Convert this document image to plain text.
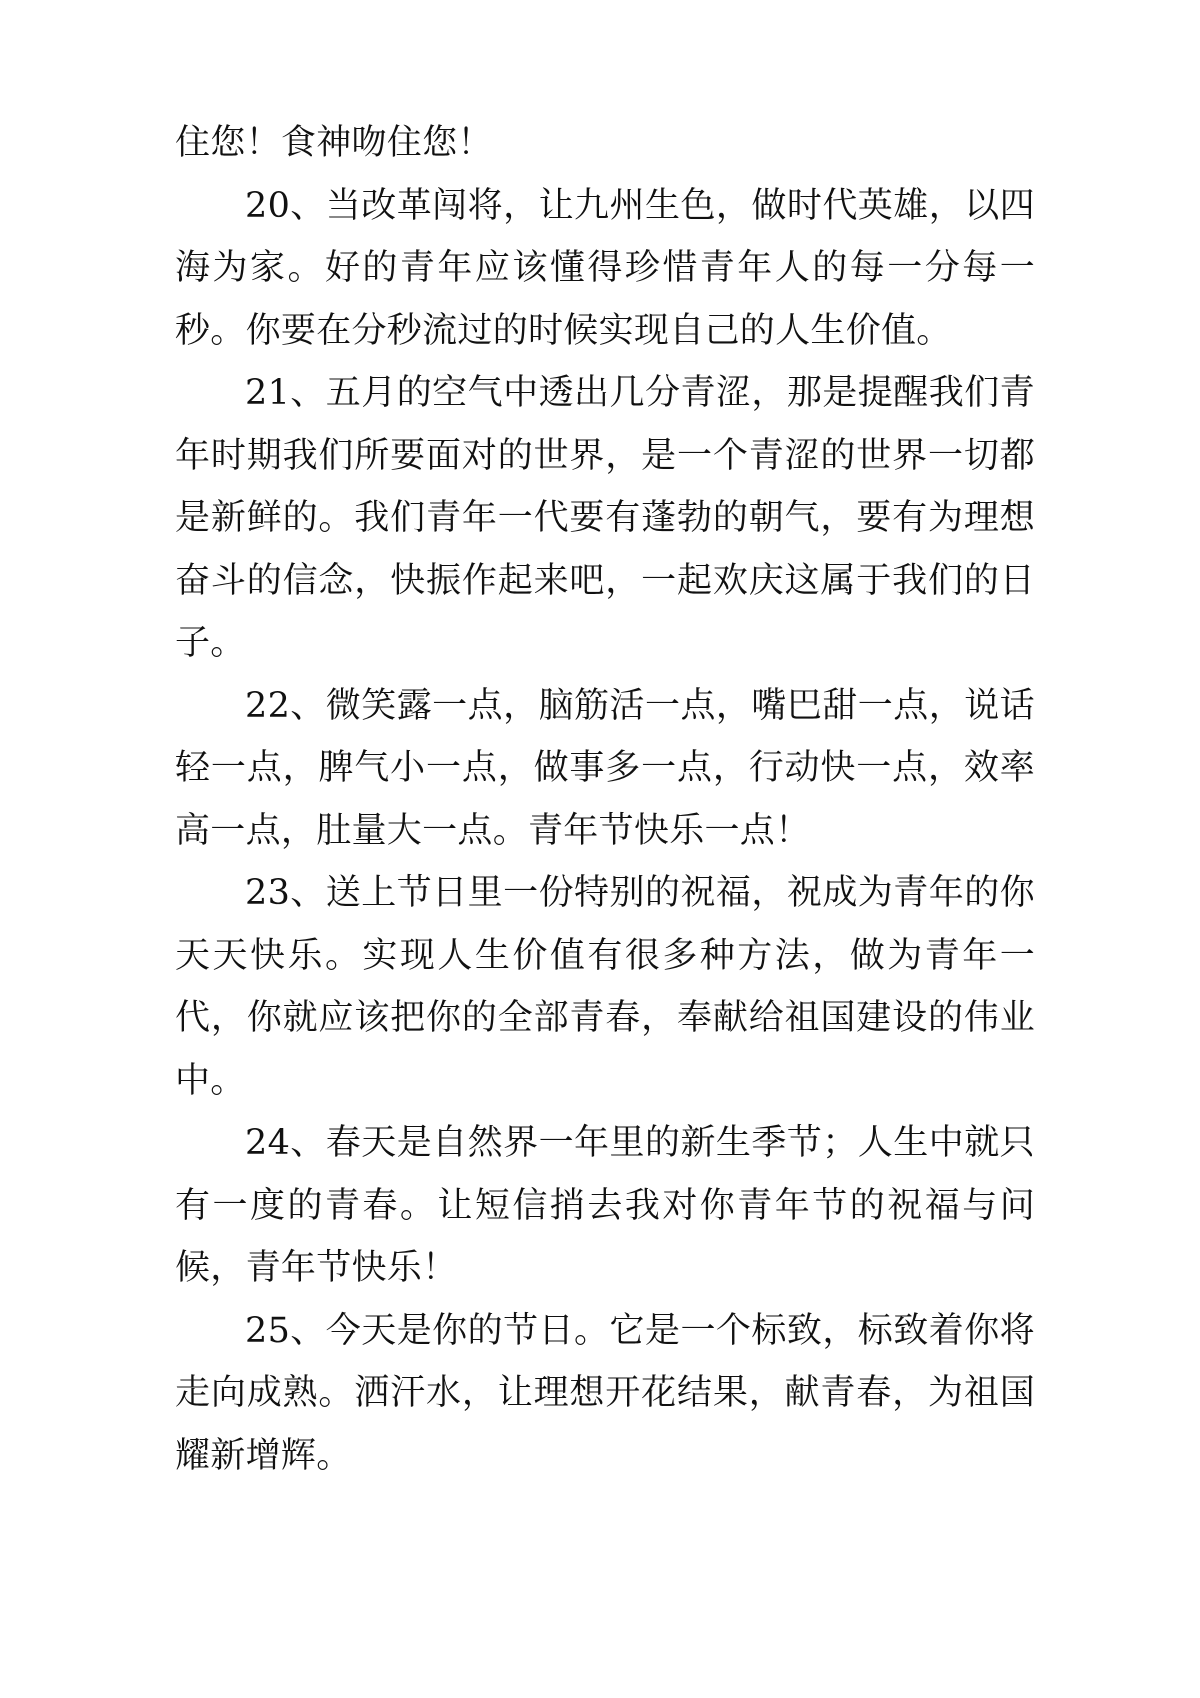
住您！食神吻住您！

20、当改革闯将，让九州生色，做时代英雄，以四海为家。好的青年应该懂得珍惜青年人的每一分每一秒。你要在分秒流过的时候实现自己的人生价值。

21、五月的空气中透出几分青涩，那是提醒我们青年时期我们所要面对的世界，是一个青涩的世界一切都是新鲜的。我们青年一代要有蓬勃的朝气，要有为理想奋斗的信念，快振作起来吧，一起欢庆这属于我们的日子。

22、微笑露一点，脑筋活一点，嘴巴甜一点，说话轻一点，脾气小一点，做事多一点，行动快一点，效率高一点，肚量大一点。青年节快乐一点！

23、送上节日里一份特别的祝福，祝成为青年的你天天快乐。实现人生价值有很多种方法，做为青年一代，你就应该把你的全部青春，奉献给祖国建设的伟业中。

24、春天是自然界一年里的新生季节；人生中就只有一度的青春。让短信捎去我对你青年节的祝福与问候，青年节快乐！

25、今天是你的节日。它是一个标致，标致着你将走向成熟。洒汗水，让理想开花结果，献青春，为祖国耀新增辉。
